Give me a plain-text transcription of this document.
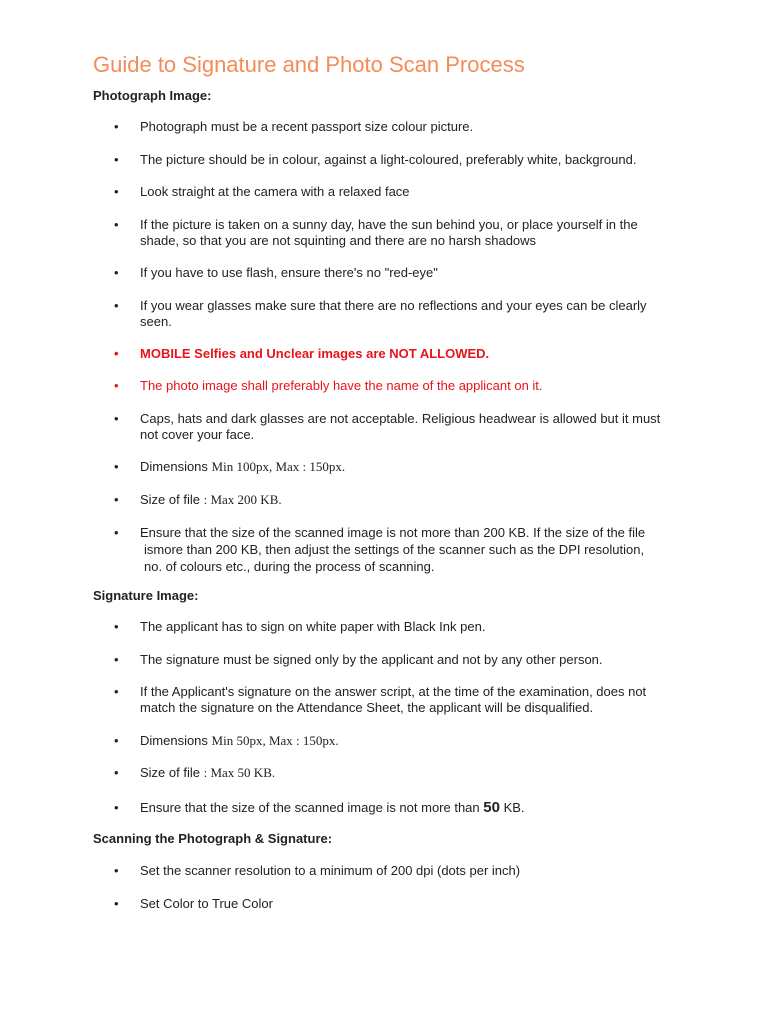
Guide to Signature and Photo Scan Process
Photograph Image:
•	Photograph must be a recent passport size colour picture.
•	The picture should be in colour, against a light-coloured, preferably white, background.
•	Look straight at the camera with a relaxed face
•	If the picture is taken on a sunny day, have the sun behind you, or place yourself in the shade, so that you are not squinting and there are no harsh shadows
•	If you have to use flash, ensure there's no "red-eye"
•	If you wear glasses make sure that there are no reflections and your eyes can be clearly seen.
•	MOBILE Selfies and Unclear images are NOT ALLOWED.
•	The photo image shall preferably have the name of the applicant on it.
•	Caps, hats and dark glasses are not acceptable. Religious headwear is allowed but it must not cover your face.
•	Dimensions Min 100px, Max : 150px.
•	Size of file : Max 200 KB.
•	Ensure that the size of the scanned image is not more than 200 KB. If the size of the file
ismore than 200 KB, then adjust the settings of the scanner such as the DPI resolution,
no. of colours etc., during the process of scanning.
Signature Image:
•	The applicant has to sign on white paper with Black Ink pen.
•	The signature must be signed only by the applicant and not by any other person.
•	If the Applicant's signature on the answer script, at the time of the examination, does not match the signature on the Attendance Sheet, the applicant will be disqualified.
•	Dimensions Min 50px, Max : 150px.
•	Size of file : Max 50 KB.
•	Ensure that the size of the scanned image is not more than 50 KB.
Scanning the Photograph & Signature:
•	Set the scanner resolution to a minimum of 200 dpi (dots per inch)
•	Set Color to True Color
